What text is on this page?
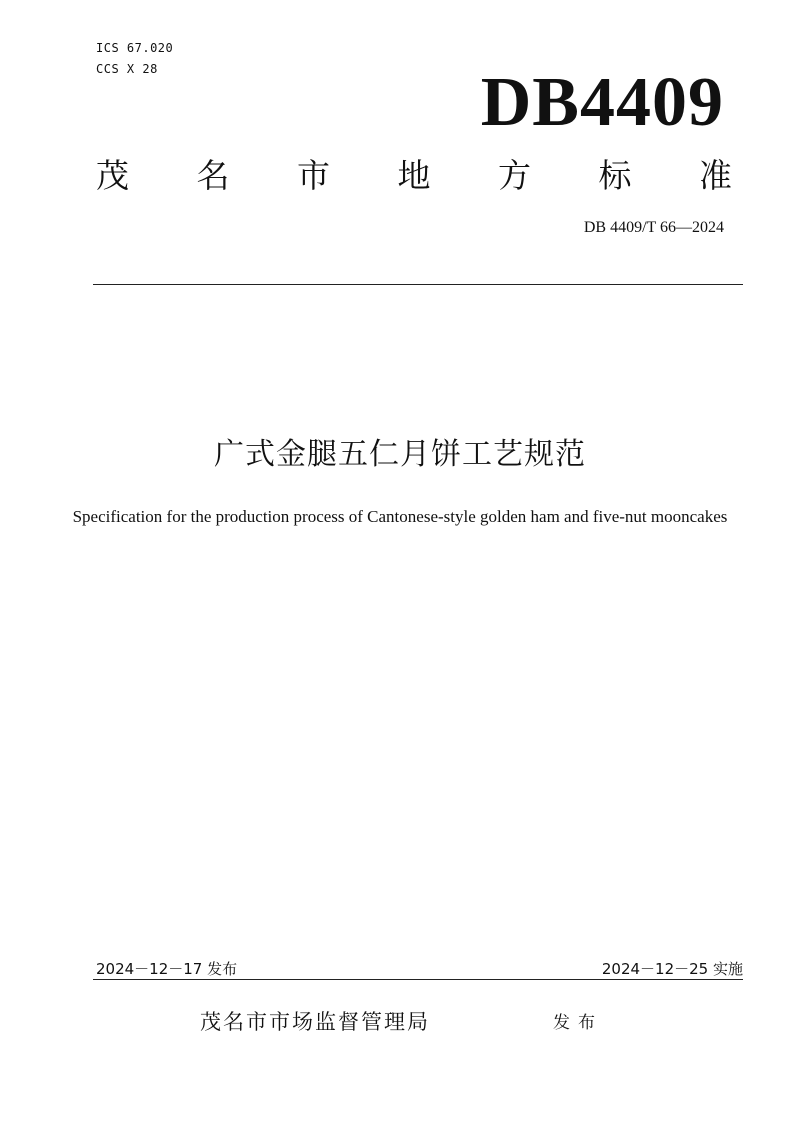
ICS 67.020
CCS X 28	DB4409
茂 名 市 地 方 标 准
DB 4409/T 66—2024
广式金腿五仁月饼工艺规范
Specification for the production process of Cantonese-style golden ham and five-nut mooncakes
2024－12－17 发布	2024－12－25 实施
茂名市市场监督管理局	发布
